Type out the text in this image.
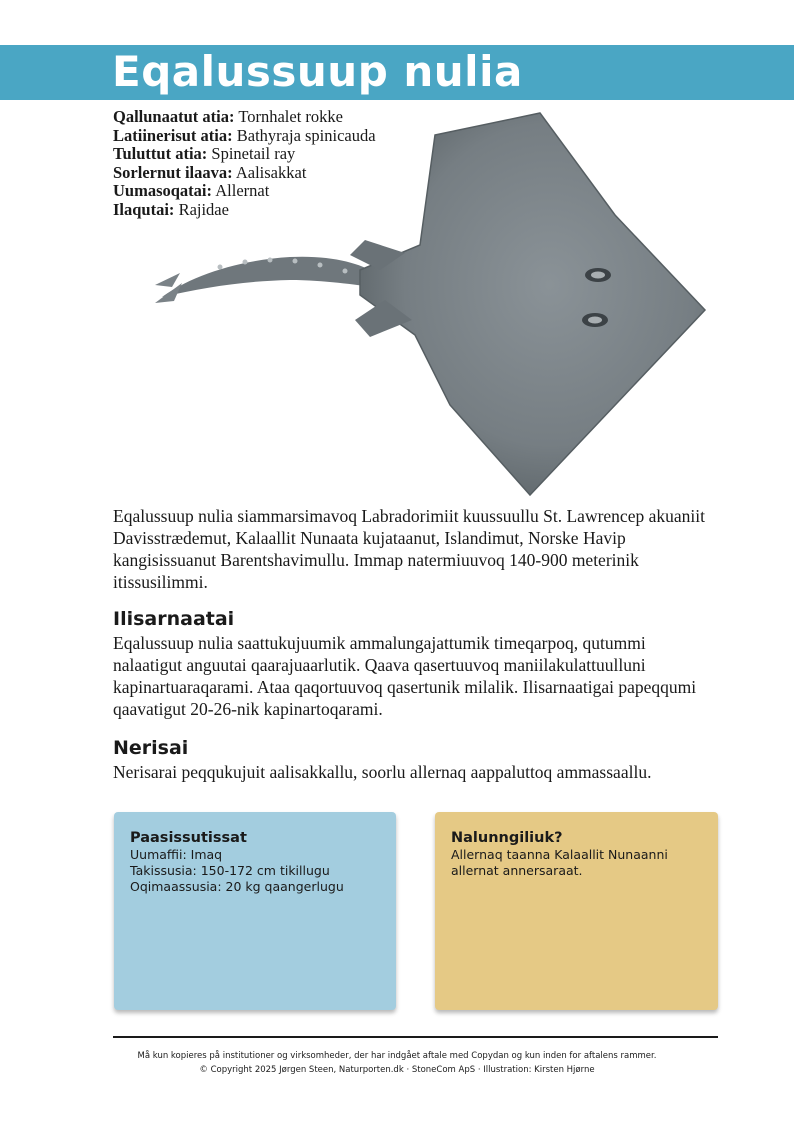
Eqalussuup nulia
Qallunaatut atia: Tornhalet rokke
Latiinerisut atia: Bathyraja spinicauda
Tuluttut atia: Spinetail ray
Sorlernut ilaava: Aalisakkat
Uumasoqatai: Allernat
Ilaqutai: Rajidae
Eqalussuup nulia siammarsimavoq Labradorimiit kuussuullu St. Lawrencep akuaniit Davisstrædemut, Kalaallit Nunaata kujataanut, Islandimut, Norske Havip kangisissuanut Barentshavimullu. Immap natermiuuvoq 140-900 meterinik itissusilimmi.
Ilisarnaatai
Eqalussuup nulia saattukujuumik ammalungajattumik timeqarpoq, qutummi nalaatigut anguutai qaarajuaarlutik. Qaava qasertuuvoq maniilakulattuulluni kapinartuaraqarami. Ataa qaqortuuvoq qasertunik milalik. Ilisarnaatigai papeqqumi qaavatigut 20-26-nik kapinartoqarami.
Nerisai
Nerisarai peqqukujuit aalisakkallu, soorlu allernaq aappaluttoq ammassaallu.
Paasissutissat
Uumaffii: Imaq
Takissusia: 150-172 cm tikillugu
Oqimaassusia: 20 kg qaangerlugu
Nalunngiliuk?
Allernaq taanna Kalaallit Nunaanni allernat annersaraat.
Må kun kopieres på institutioner og virksomheder, der har indgået aftale med Copydan og kun inden for aftalens rammer.
© Copyright 2025 Jørgen Steen, Naturporten.dk · StoneCom ApS · Illustration: Kirsten Hjørne
